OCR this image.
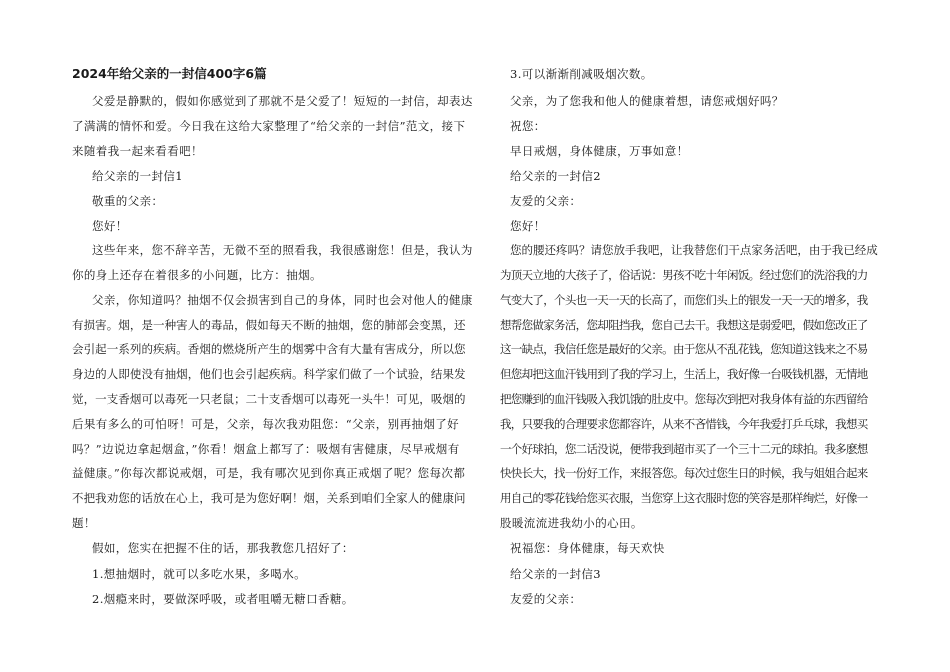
2024年给父亲的一封信400字6篇
父爱是静默的，假如你感觉到了那就不是父爱了！短短的一封信，却表达
了满满的情怀和爱。今日我在这给大家整理了“给父亲的一封信”范文，接下
来随着我一起来看看吧！
给父亲的一封信1
敬重的父亲：
您好！
这些年来，您不辞辛苦，无微不至的照看我，我很感谢您！但是，我认为
你的身上还存在着很多的小问题，比方：抽烟。
父亲，你知道吗？抽烟不仅会损害到自己的身体，同时也会对他人的健康
有损害。烟，是一种害人的毒品，假如每天不断的抽烟，您的肺部会变黑，还
会引起一系列的疾病。香烟的燃烧所产生的烟雾中含有大量有害成分，所以您
身边的人即使没有抽烟，他们也会引起疾病。科学家们做了一个试验，结果发
觉，一支香烟可以毒死一只老鼠；二十支香烟可以毒死一头牛！可见，吸烟的
后果有多么的可怕呀！可是，父亲，每次我劝阻您：“父亲，别再抽烟了好
吗？”边说边拿起烟盒，”你看！烟盒上都写了：吸烟有害健康，尽早戒烟有
益健康。”你每次都说戒烟，可是，我有哪次见到你真正戒烟了呢？您每次都
不把我劝您的话放在心上，我可是为您好啊！烟，关系到咱们全家人的健康问
题！
假如，您实在把握不住的话，那我教您几招好了：
1.想抽烟时，就可以多吃水果，多喝水。
2.烟瘾来时，要做深呼吸，或者咀嚼无糖口香糖。
3.可以渐渐削减吸烟次数。
父亲，为了您我和他人的健康着想，请您戒烟好吗？
祝您：
早日戒烟，身体健康，万事如意！
给父亲的一封信2
友爱的父亲：
您好！
您的腰还疼吗？请您放手我吧，让我替您们干点家务活吧，由于我已经成
为顶天立地的大孩子了，俗话说：男孩不吃十年闲饭。经过您们的洗浴我的力
气变大了，个头也一天一天的长高了，而您们头上的银发一天一天的增多，我
想帮您做家务活，您却阻挡我，您自己去干。我想这是弱爱吧，假如您改正了
这一缺点，我信任您是最好的父亲。由于您从不乱花钱，您知道这钱来之不易
但您却把这血汗钱用到了我的学习上，生活上，我好像一台吸钱机器，无情地
把您赚到的血汗钱吸入我饥饿的肚皮中。您每次到把对我身体有益的东西留给
我，只要我的合理要求您都容许，从来不吝惜钱，今年我爱打乒乓球，我想买
一个好球拍，您二话没说，便带我到超市买了一个三十二元的球拍。我多麽想
快快长大，找一份好工作，来报答您。每次过您生日的时候，我与姐姐合起来
用自己的零花钱给您买衣服，当您穿上这衣服时您的笑容是那样绚烂，好像一
股暖流流进我幼小的心田。
祝福您：身体健康，每天欢快
给父亲的一封信3
友爱的父亲：
